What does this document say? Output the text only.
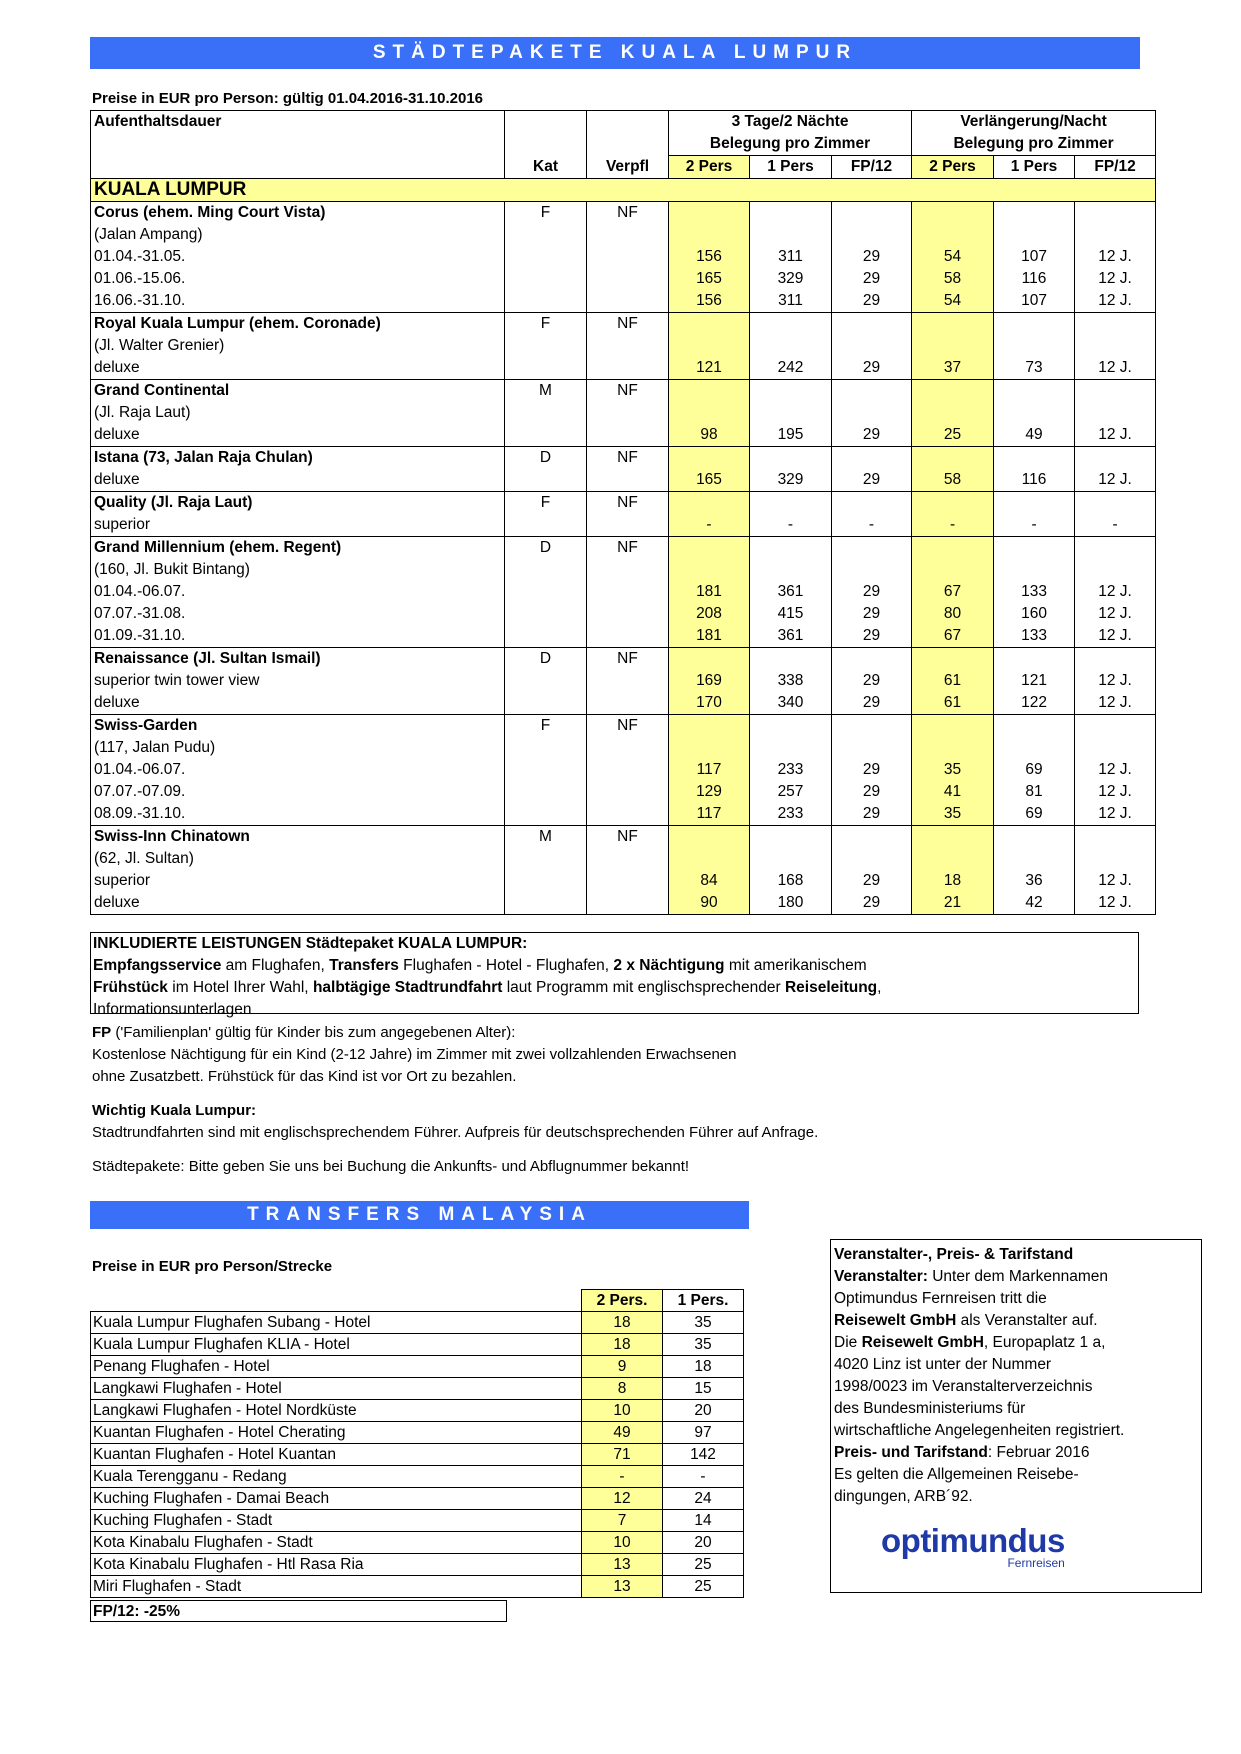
STÄDTEPAKETE KUALA LUMPUR
Preise in EUR pro Person: gültig 01.04.2016-31.10.2016
Aufenthaltsdauer			3 Tage/2 Nächte			Verlängerung/Nacht		
			Belegung pro Zimmer			Belegung pro Zimmer		
	Kat	Verpfl	2 Pers	1 Pers	FP/12	2 Pers	1 Pers	FP/12
KUALA LUMPUR								
Corus (ehem. Ming Court Vista)	F	NF						
(Jalan Ampang)								
01.04.-31.05.			156	311	29	54	107	12 J.
01.06.-15.06.			165	329	29	58	116	12 J.
16.06.-31.10.			156	311	29	54	107	12 J.
Royal Kuala Lumpur (ehem. Coronade)	F	NF						
(Jl. Walter Grenier)								
deluxe			121	242	29	37	73	12 J.
Grand Continental	M	NF						
(Jl. Raja Laut)								
deluxe			98	195	29	25	49	12 J.
Istana (73, Jalan Raja Chulan)	D	NF						
deluxe			165	329	29	58	116	12 J.
Quality (Jl. Raja Laut)	F	NF						
superior			-	-	-	-	-	-
Grand Millennium (ehem. Regent)	D	NF						
(160, Jl. Bukit Bintang)								
01.04.-06.07.			181	361	29	67	133	12 J.
07.07.-31.08.			208	415	29	80	160	12 J.
01.09.-31.10.			181	361	29	67	133	12 J.
Renaissance (Jl. Sultan Ismail)	D	NF						
superior twin tower view			169	338	29	61	121	12 J.
deluxe			170	340	29	61	122	12 J.
Swiss-Garden	F	NF						
(117, Jalan Pudu)								
01.04.-06.07.			117	233	29	35	69	12 J.
07.07.-07.09.			129	257	29	41	81	12 J.
08.09.-31.10.			117	233	29	35	69	12 J.
Swiss-Inn Chinatown	M	NF						
(62, Jl. Sultan)								
superior			84	168	29	18	36	12 J.
deluxe			90	180	29	21	42	12 J.
INKLUDIERTE LEISTUNGEN Städtepaket KUALA LUMPUR:
Empfangsservice am Flughafen, Transfers Flughafen - Hotel - Flughafen, 2 x Nächtigung mit amerikanischem
Frühstück im Hotel Ihrer Wahl, halbtägige Stadtrundfahrt laut Programm mit englischsprechender Reiseleitung,
Informationsunterlagen
FP ('Familienplan' gültig für Kinder bis zum angegebenen Alter):
Kostenlose Nächtigung für ein Kind (2-12 Jahre) im Zimmer mit zwei vollzahlenden Erwachsenen
ohne Zusatzbett. Frühstück für das Kind ist vor Ort zu bezahlen.
Wichtig Kuala Lumpur:
Stadtrundfahrten sind mit englischsprechendem Führer. Aufpreis für deutschsprechenden Führer auf Anfrage.
Städtepakete: Bitte geben Sie uns bei Buchung die Ankunfts- und Abflugnummer bekannt!
TRANSFERS MALAYSIA
Preise in EUR pro Person/Strecke
	2 Pers.	1 Pers.
Kuala Lumpur Flughafen Subang - Hotel	18	35
Kuala Lumpur Flughafen KLIA - Hotel	18	35
Penang Flughafen - Hotel	9	18
Langkawi Flughafen - Hotel	8	15
Langkawi Flughafen - Hotel Nordküste	10	20
Kuantan Flughafen - Hotel Cherating	49	97
Kuantan Flughafen - Hotel Kuantan	71	142
Kuala Terengganu - Redang	-	-
Kuching Flughafen - Damai Beach	12	24
Kuching Flughafen - Stadt	7	14
Kota Kinabalu Flughafen - Stadt	10	20
Kota Kinabalu Flughafen - Htl Rasa Ria	13	25
Miri Flughafen - Stadt	13	25
FP/12: -25%
Veranstalter-, Preis- & Tarifstand
Veranstalter: Unter dem Markennamen
Optimundus Fernreisen tritt die
Reisewelt GmbH als Veranstalter auf.
Die Reisewelt GmbH, Europaplatz 1 a,
4020 Linz ist unter der Nummer
1998/0023 im Veranstalterverzeichnis
des Bundesministeriums für
wirtschaftliche Angelegenheiten registriert.
Preis- und Tarifstand: Februar 2016
Es gelten die Allgemeinen Reisebe-
dingungen, ARB´92.
optimundus
Fernreisen
